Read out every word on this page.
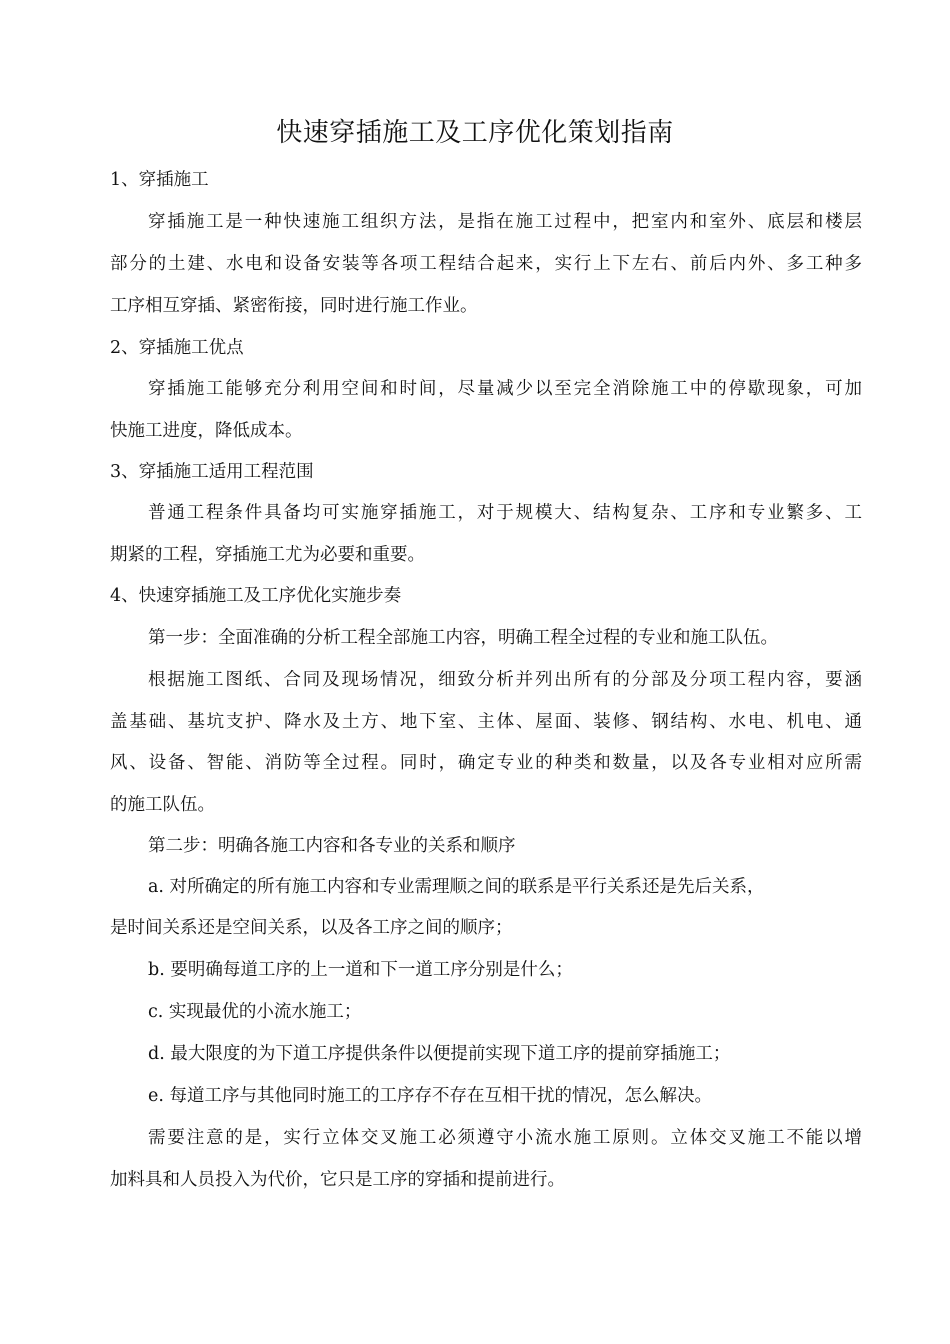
快速穿插施工及工序优化策划指南
1、穿插施工
穿插施工是一种快速施工组织方法，是指在施工过程中，把室内和室外、底层和楼层
部分的土建、水电和设备安装等各项工程结合起来，实行上下左右、前后内外、多工种多
工序相互穿插、紧密衔接，同时进行施工作业。
2、穿插施工优点
穿插施工能够充分利用空间和时间，尽量减少以至完全消除施工中的停歇现象，可加
快施工进度，降低成本。
3、穿插施工适用工程范围
普通工程条件具备均可实施穿插施工，对于规模大、结构复杂、工序和专业繁多、工
期紧的工程，穿插施工尤为必要和重要。
4、快速穿插施工及工序优化实施步奏
第一步：全面准确的分析工程全部施工内容，明确工程全过程的专业和施工队伍。
根据施工图纸、合同及现场情况，细致分析并列出所有的分部及分项工程内容，要涵
盖基础、基坑支护、降水及土方、地下室、主体、屋面、装修、钢结构、水电、机电、通
风、设备、智能、消防等全过程。同时，确定专业的种类和数量，以及各专业相对应所需
的施工队伍。
第二步：明确各施工内容和各专业的关系和顺序
a. 对所确定的所有施工内容和专业需理顺之间的联系是平行关系还是先后关系，
是时间关系还是空间关系，以及各工序之间的顺序；
b. 要明确每道工序的上一道和下一道工序分别是什么；
c. 实现最优的小流水施工；
d. 最大限度的为下道工序提供条件以便提前实现下道工序的提前穿插施工；
e. 每道工序与其他同时施工的工序存不存在互相干扰的情况，怎么解决。
需要注意的是，实行立体交叉施工必须遵守小流水施工原则。立体交叉施工不能以增
加料具和人员投入为代价，它只是工序的穿插和提前进行。
